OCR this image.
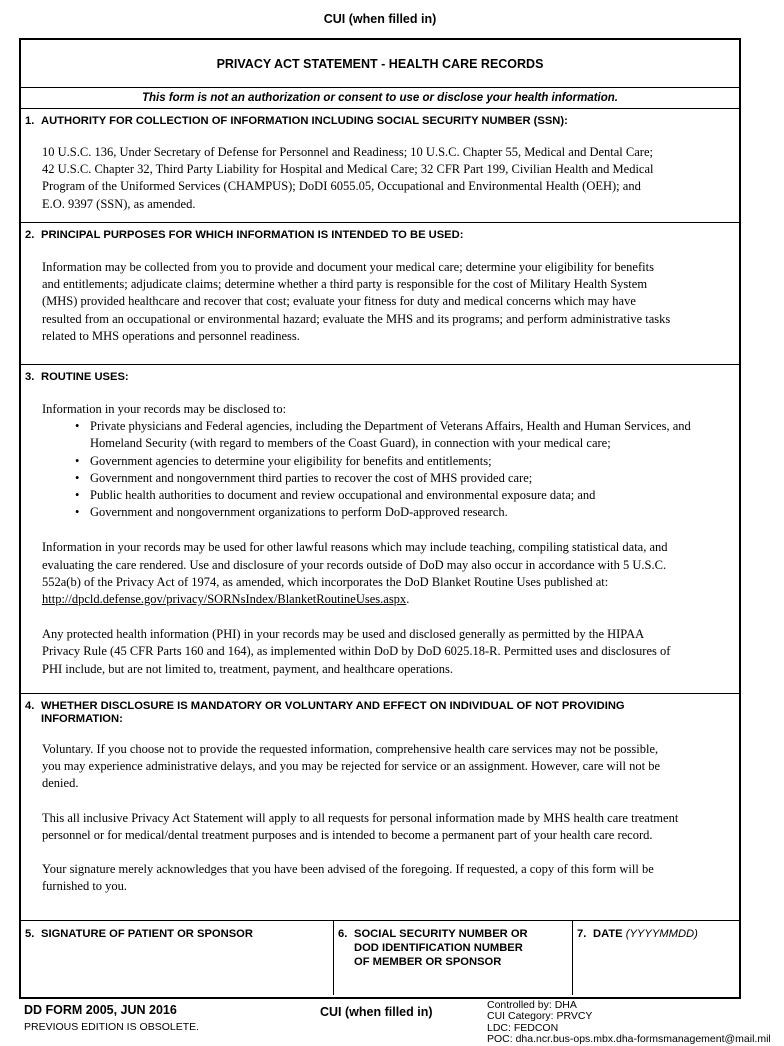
CUI (when filled in)
PRIVACY ACT STATEMENT - HEALTH CARE RECORDS
This form is not an authorization or consent to use or disclose your health information.
1. AUTHORITY FOR COLLECTION OF INFORMATION INCLUDING SOCIAL SECURITY NUMBER (SSN):
10 U.S.C. 136, Under Secretary of Defense for Personnel and Readiness; 10 U.S.C. Chapter 55, Medical and Dental Care;
42 U.S.C. Chapter 32, Third Party Liability for Hospital and Medical Care; 32 CFR Part 199, Civilian Health and Medical
Program of the Uniformed Services (CHAMPUS); DoDI 6055.05, Occupational and Environmental Health (OEH); and
E.O. 9397 (SSN), as amended.
2. PRINCIPAL PURPOSES FOR WHICH INFORMATION IS INTENDED TO BE USED:
Information may be collected from you to provide and document your medical care; determine your eligibility for benefits
and entitlements; adjudicate claims; determine whether a third party is responsible for the cost of Military Health System
(MHS) provided healthcare and recover that cost; evaluate your fitness for duty and medical concerns which may have
resulted from an occupational or environmental hazard; evaluate the MHS and its programs; and perform administrative tasks
related to MHS operations and personnel readiness.
3. ROUTINE USES:
Information in your records may be disclosed to:
• Private physicians and Federal agencies, including the Department of Veterans Affairs, Health and Human Services, and
Homeland Security (with regard to members of the Coast Guard), in connection with your medical care;
• Government agencies to determine your eligibility for benefits and entitlements;
• Government and nongovernment third parties to recover the cost of MHS provided care;
• Public health authorities to document and review occupational and environmental exposure data; and
• Government and nongovernment organizations to perform DoD-approved research.
Information in your records may be used for other lawful reasons which may include teaching, compiling statistical data, and
evaluating the care rendered. Use and disclosure of your records outside of DoD may also occur in accordance with 5 U.S.C.
552a(b) of the Privacy Act of 1974, as amended, which incorporates the DoD Blanket Routine Uses published at:
http://dpcld.defense.gov/privacy/SORNsIndex/BlanketRoutineUses.aspx.
Any protected health information (PHI) in your records may be used and disclosed generally as permitted by the HIPAA
Privacy Rule (45 CFR Parts 160 and 164), as implemented within DoD by DoD 6025.18-R. Permitted uses and disclosures of
PHI include, but are not limited to, treatment, payment, and healthcare operations.
4. WHETHER DISCLOSURE IS MANDATORY OR VOLUNTARY AND EFFECT ON INDIVIDUAL OF NOT PROVIDING
INFORMATION:
Voluntary. If you choose not to provide the requested information, comprehensive health care services may not be possible,
you may experience administrative delays, and you may be rejected for service or an assignment. However, care will not be
denied.
This all inclusive Privacy Act Statement will apply to all requests for personal information made by MHS health care treatment
personnel or for medical/dental treatment purposes and is intended to become a permanent part of your health care record.
Your signature merely acknowledges that you have been advised of the foregoing. If requested, a copy of this form will be
furnished to you.
5. SIGNATURE OF PATIENT OR SPONSOR	6. SOCIAL SECURITY NUMBER OR
DOD IDENTIFICATION NUMBER
OF MEMBER OR SPONSOR
7. DATE (YYYYMMDD)
DD FORM 2005, JUN 2016
PREVIOUS EDITION IS OBSOLETE.
CUI (when filled in)	Controlled by: DHA
CUI Category: PRVCY
LDC: FEDCON
POC: dha.ncr.bus-ops.mbx.dha-formsmanagement@mail.mil
